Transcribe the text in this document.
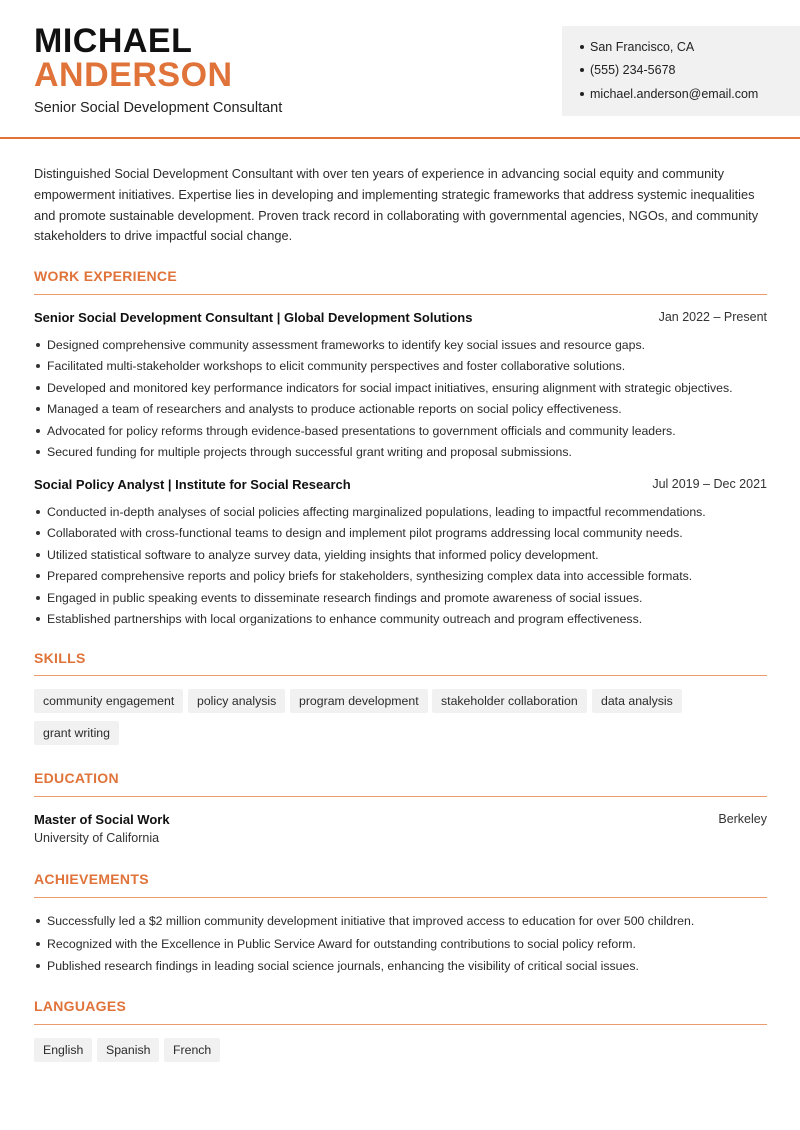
MICHAEL
ANDERSON
Senior Social Development Consultant
San Francisco, CA
(555) 234-5678
michael.anderson@email.com
Distinguished Social Development Consultant with over ten years of experience in advancing social equity and community empowerment initiatives. Expertise lies in developing and implementing strategic frameworks that address systemic inequalities and promote sustainable development. Proven track record in collaborating with governmental agencies, NGOs, and community stakeholders to drive impactful social change.
WORK EXPERIENCE
Senior Social Development Consultant | Global Development Solutions	Jan 2022 – Present
Designed comprehensive community assessment frameworks to identify key social issues and resource gaps.
Facilitated multi-stakeholder workshops to elicit community perspectives and foster collaborative solutions.
Developed and monitored key performance indicators for social impact initiatives, ensuring alignment with strategic objectives.
Managed a team of researchers and analysts to produce actionable reports on social policy effectiveness.
Advocated for policy reforms through evidence-based presentations to government officials and community leaders.
Secured funding for multiple projects through successful grant writing and proposal submissions.
Social Policy Analyst | Institute for Social Research	Jul 2019 – Dec 2021
Conducted in-depth analyses of social policies affecting marginalized populations, leading to impactful recommendations.
Collaborated with cross-functional teams to design and implement pilot programs addressing local community needs.
Utilized statistical software to analyze survey data, yielding insights that informed policy development.
Prepared comprehensive reports and policy briefs for stakeholders, synthesizing complex data into accessible formats.
Engaged in public speaking events to disseminate research findings and promote awareness of social issues.
Established partnerships with local organizations to enhance community outreach and program effectiveness.
SKILLS
community engagement	policy analysis	program development	stakeholder collaboration	data analysis
grant writing
EDUCATION
Master of Social Work	Berkeley
University of California
ACHIEVEMENTS
Successfully led a $2 million community development initiative that improved access to education for over 500 children.
Recognized with the Excellence in Public Service Award for outstanding contributions to social policy reform.
Published research findings in leading social science journals, enhancing the visibility of critical social issues.
LANGUAGES
English	Spanish	French
